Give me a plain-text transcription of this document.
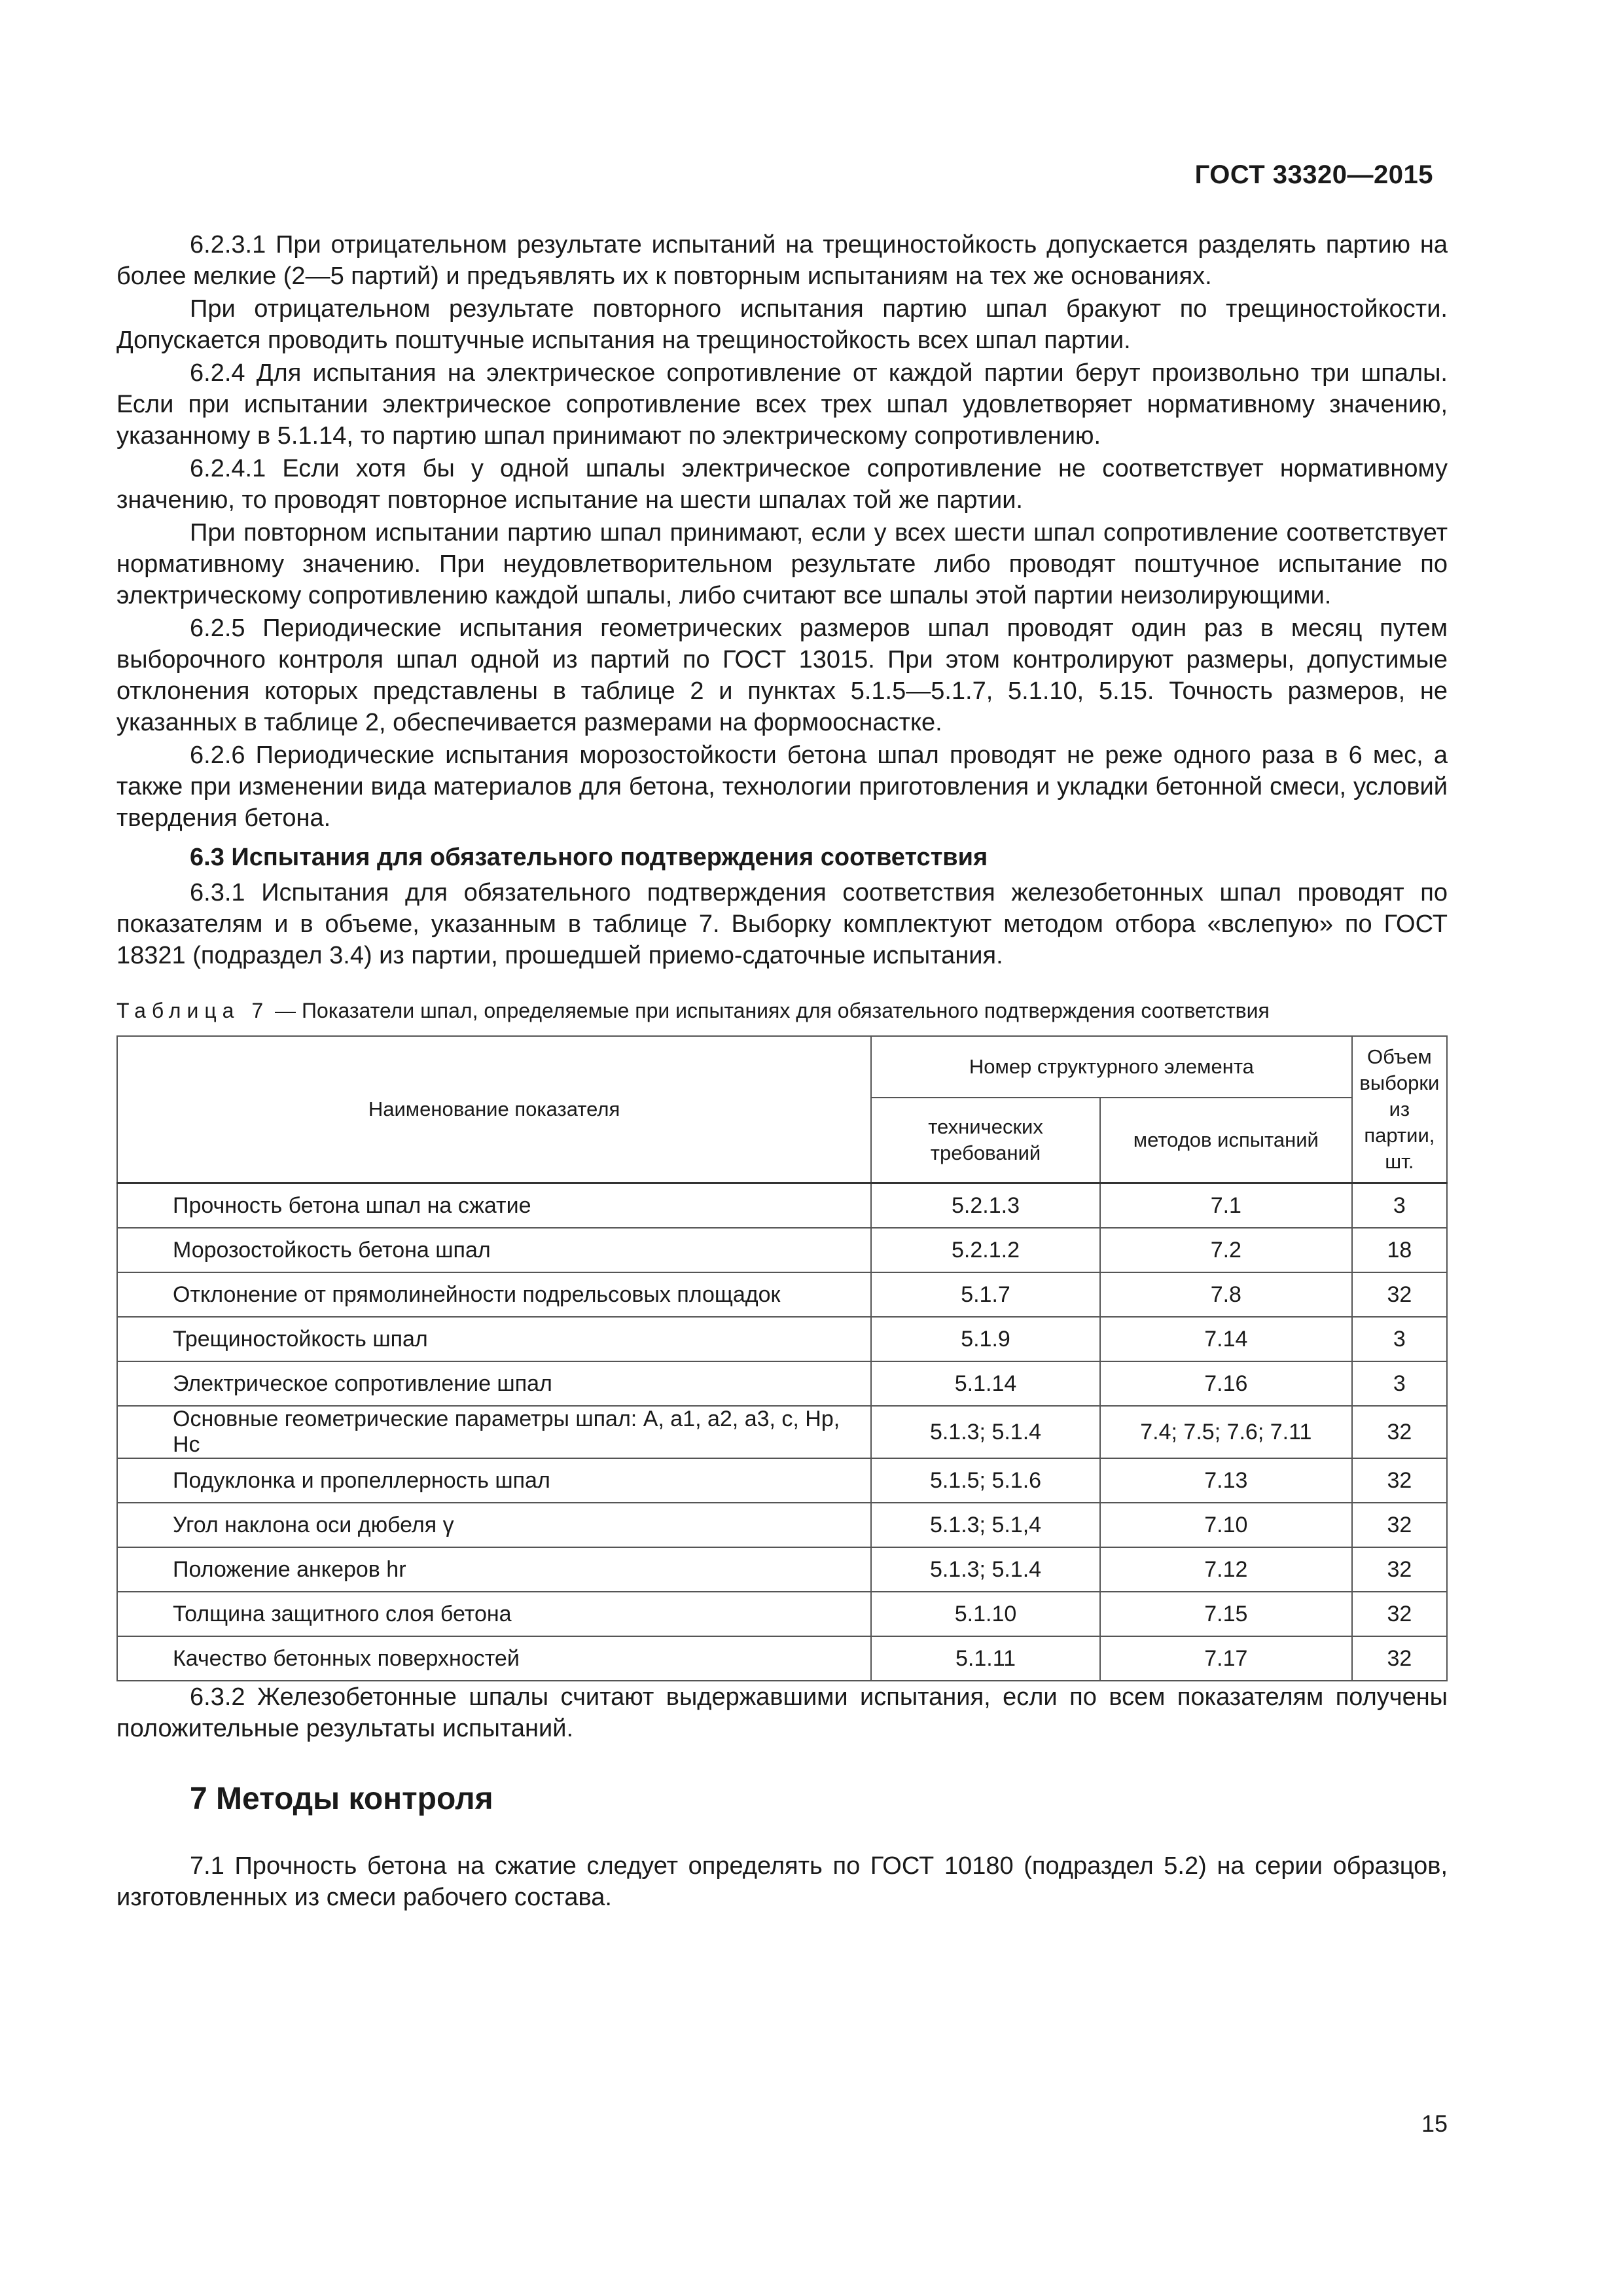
ГОСТ 33320—2015

6.2.3.1 При отрицательном результате испытаний на трещиностойкость допускается разделять партию на более мелкие (2—5 партий) и предъявлять их к повторным испытаниям на тех же основаниях.

При отрицательном результате повторного испытания партию шпал бракуют по трещиностойкости. Допускается проводить поштучные испытания на трещиностойкость всех шпал партии.

6.2.4 Для испытания на электрическое сопротивление от каждой партии берут произвольно три шпалы. Если при испытании электрическое сопротивление всех трех шпал удовлетворяет нормативному значению, указанному в 5.1.14, то партию шпал принимают по электрическому сопротивлению.

6.2.4.1 Если хотя бы у одной шпалы электрическое сопротивление не соответствует нормативному значению, то проводят повторное испытание на шести шпалах той же партии.

При повторном испытании партию шпал принимают, если у всех шести шпал сопротивление соответствует нормативному значению. При неудовлетворительном результате либо проводят поштучное испытание по электрическому сопротивлению каждой шпалы, либо считают все шпалы этой партии неизолирующими.

6.2.5 Периодические испытания геометрических размеров шпал проводят один раз в месяц путем выборочного контроля шпал одной из партий по ГОСТ 13015. При этом контролируют размеры, допустимые отклонения которых представлены в таблице 2 и пунктах 5.1.5—5.1.7, 5.1.10, 5.15. Точность размеров, не указанных в таблице 2, обеспечивается размерами на формооснастке.

6.2.6 Периодические испытания морозостойкости бетона шпал проводят не реже одного раза в 6 мес, а также при изменении вида материалов для бетона, технологии приготовления и укладки бетонной смеси, условий твердения бетона.

6.3 Испытания для обязательного подтверждения соответствия

6.3.1 Испытания для обязательного подтверждения соответствия железобетонных шпал проводят по показателям и в объеме, указанным в таблице 7. Выборку комплектуют методом отбора «вслепую» по ГОСТ 18321 (подраздел 3.4) из партии, прошедшей приемо-сдаточные испытания.

Таблица 7 — Показатели шпал, определяемые при испытаниях для обязательного подтверждения соответствия
Наименование показателя	Номер структурного элемента		Объем выборки из партии, шт.
	технических требований	методов испытаний	
Прочность бетона шпал на сжатие	5.2.1.3	7.1	3
Морозостойкость бетона шпал	5.2.1.2	7.2	18
Отклонение от прямолинейности подрельсовых площадок	5.1.7	7.8	32
Трещиностойкость шпал	5.1.9	7.14	3
Электрическое сопротивление шпал	5.1.14	7.16	3
Основные геометрические параметры шпал: A, a1, a2, a3, c, Hp, Hc	5.1.3; 5.1.4	7.4; 7.5; 7.6; 7.11	32
Подуклонка и пропеллерность шпал	5.1.5; 5.1.6	7.13	32
Угол наклона оси дюбеля γ	5.1.3; 5.1,4	7.10	32
Положение анкеров hr	5.1.3; 5.1.4	7.12	32
Толщина защитного слоя бетона	5.1.10	7.15	32
Качество бетонных поверхностей	5.1.11	7.17	32

6.3.2 Железобетонные шпалы считают выдержавшими испытания, если по всем показателям получены положительные результаты испытаний.

7 Методы контроля

7.1 Прочность бетона на сжатие следует определять по ГОСТ 10180 (подраздел 5.2) на серии образцов, изготовленных из смеси рабочего состава.

15
